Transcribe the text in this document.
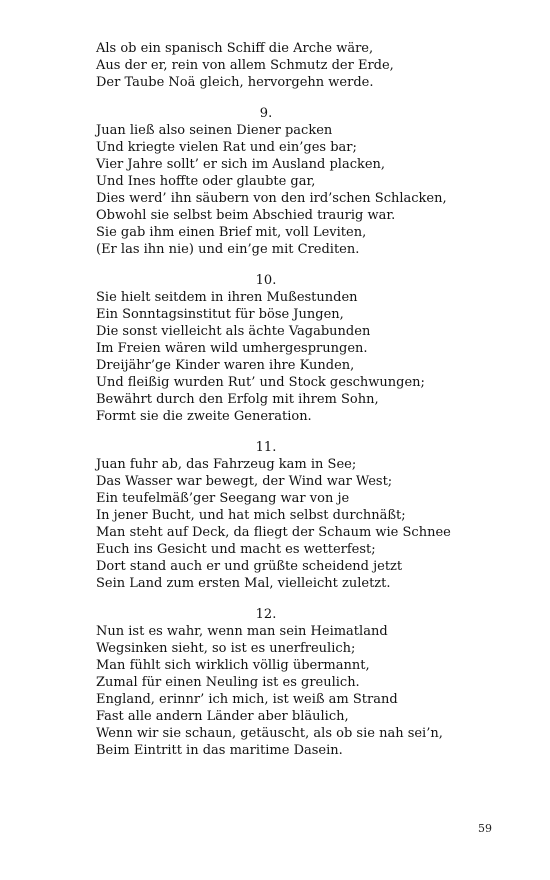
Als ob ein spanisch Schiff die Arche wäre,
Aus der er, rein von allem Schmutz der Erde,
Der Taube Noä gleich, hervorgehn werde.
9.
Juan ließ also seinen Diener packen
Und kriegte vielen Rat und ein’ges bar;
Vier Jahre sollt’ er sich im Ausland placken,
Und Ines hoffte oder glaubte gar,
Dies werd’ ihn säubern von den ird’schen Schlacken,
Obwohl sie selbst beim Abschied traurig war.
Sie gab ihm einen Brief mit, voll Leviten,
(Er las ihn nie) und ein’ge mit Crediten.
10.
Sie hielt seitdem in ihren Mußestunden
Ein Sonntagsinstitut für böse Jungen,
Die sonst vielleicht als ächte Vagabunden
Im Freien wären wild umhergesprungen.
Dreijähr’ge Kinder waren ihre Kunden,
Und fleißig wurden Rut’ und Stock geschwungen;
Bewährt durch den Erfolg mit ihrem Sohn,
Formt sie die zweite Generation.
11.
Juan fuhr ab, das Fahrzeug kam in See;
Das Wasser war bewegt, der Wind war West;
Ein teufelmäß’ger Seegang war von je
In jener Bucht, und hat mich selbst durchnäßt;
Man steht auf Deck, da fliegt der Schaum wie Schnee
Euch ins Gesicht und macht es wetterfest;
Dort stand auch er und grüßte scheidend jetzt
Sein Land zum ersten Mal, vielleicht zuletzt.
12.
Nun ist es wahr, wenn man sein Heimatland
Wegsinken sieht, so ist es unerfreulich;
Man fühlt sich wirklich völlig übermannt,
Zumal für einen Neuling ist es greulich.
England, erinnr’ ich mich, ist weiß am Strand
Fast alle andern Länder aber bläulich,
Wenn wir sie schaun, getäuscht, als ob sie nah sei’n,
Beim Eintritt in das maritime Dasein.
59
